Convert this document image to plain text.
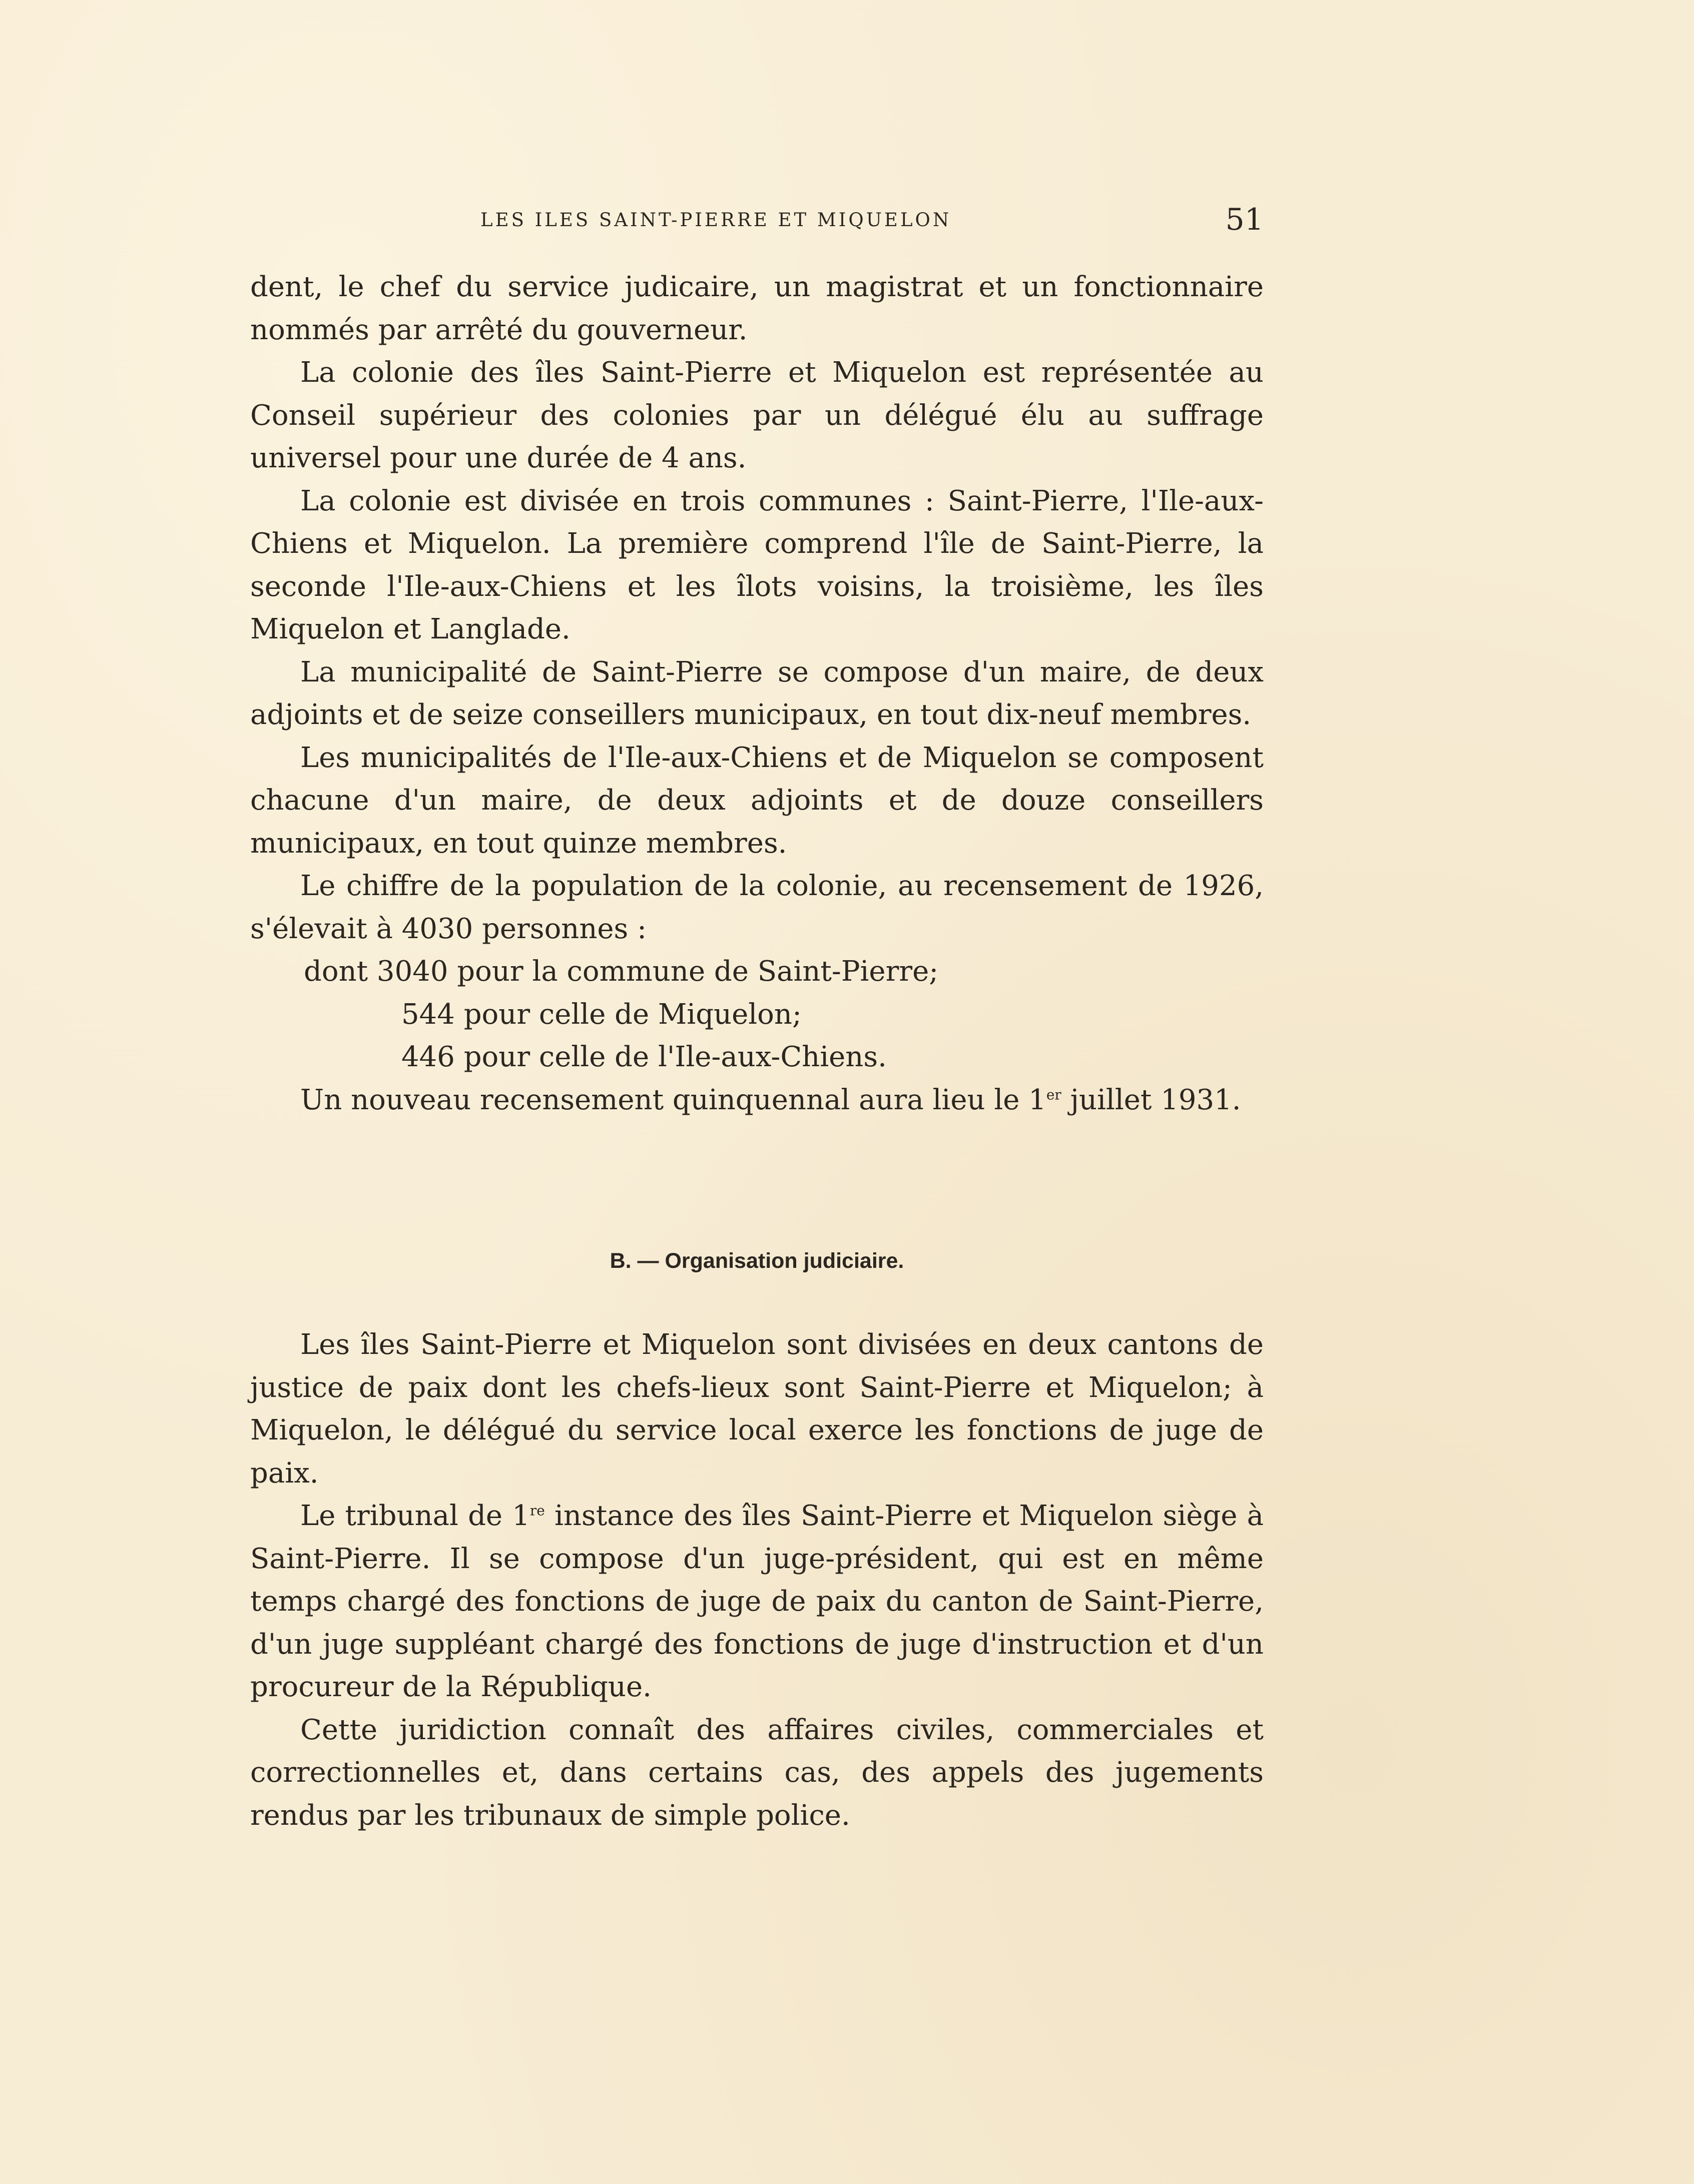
LES ILES SAINT-PIERRE ET MIQUELON	51

dent, le chef du service judicaire, un magistrat et un fonctionnaire nommés par arrêté du gouverneur.

La colonie des îles Saint-Pierre et Miquelon est représentée au Conseil supérieur des colonies par un délégué élu au suffrage universel pour une durée de 4 ans.

La colonie est divisée en trois communes : Saint-Pierre, l'Ile-aux-Chiens et Miquelon. La première comprend l'île de Saint-Pierre, la seconde l'Ile-aux-Chiens et les îlots voisins, la troisième, les îles Miquelon et Langlade.

La municipalité de Saint-Pierre se compose d'un maire, de deux adjoints et de seize conseillers municipaux, en tout dix-neuf membres.

Les municipalités de l'Ile-aux-Chiens et de Miquelon se composent chacune d'un maire, de deux adjoints et de douze conseillers municipaux, en tout quinze membres.

Le chiffre de la population de la colonie, au recensement de 1926, s'élevait à 4030 personnes :

dont 3040 pour la commune de Saint-Pierre;
544 pour celle de Miquelon;
446 pour celle de l'Ile-aux-Chiens.

Un nouveau recensement quinquennal aura lieu le 1er juillet 1931.

B. — Organisation judiciaire.

Les îles Saint-Pierre et Miquelon sont divisées en deux cantons de justice de paix dont les chefs-lieux sont Saint-Pierre et Miquelon; à Miquelon, le délégué du service local exerce les fonctions de juge de paix.

Le tribunal de 1re instance des îles Saint-Pierre et Miquelon siège à Saint-Pierre. Il se compose d'un juge-président, qui est en même temps chargé des fonctions de juge de paix du canton de Saint-Pierre, d'un juge suppléant chargé des fonctions de juge d'instruction et d'un procureur de la République.

Cette juridiction connaît des affaires civiles, commerciales et correctionnelles et, dans certains cas, des appels des jugements rendus par les tribunaux de simple police.
